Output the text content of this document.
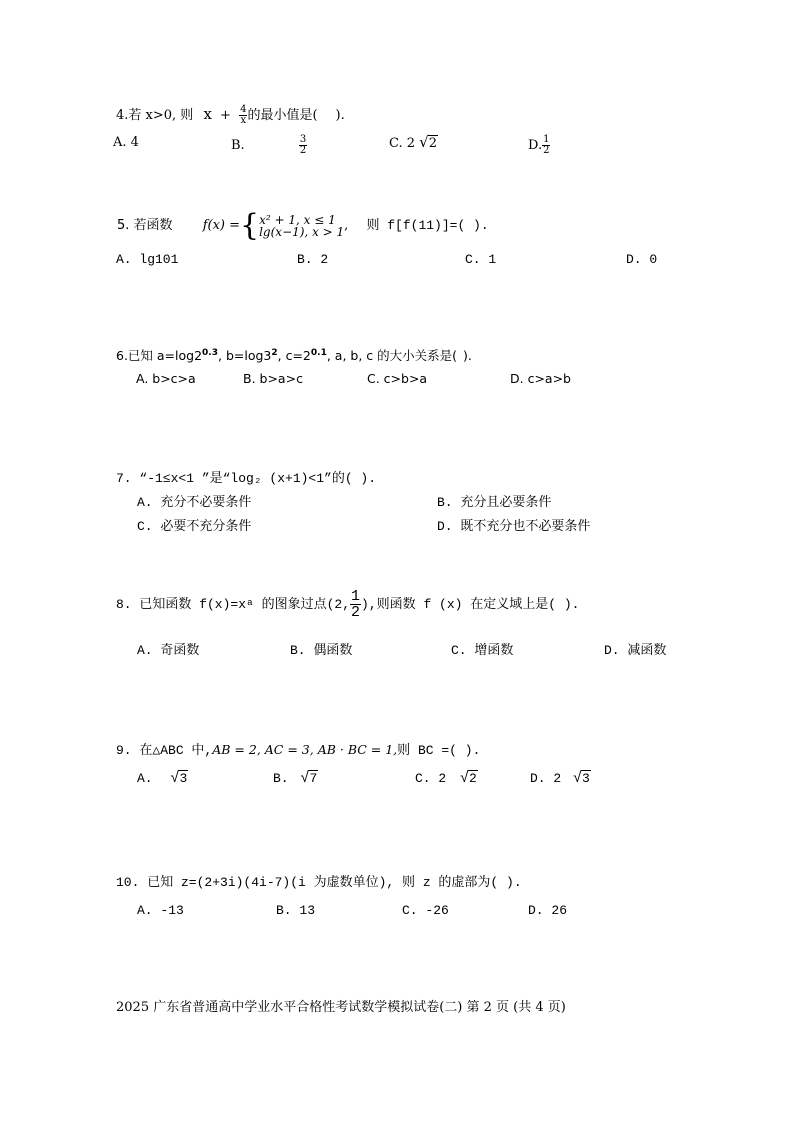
4.若 x>0, 则 $x + \frac{4}{x}$ 的最小值是( ).
A. 4	B.	$\frac{3}{2}$	C. 2 √2	D. $\frac{1}{2}$
5. 若函数 f(x) ={ x² + 1, x ≤ 1
lg(x−1), x > 1 , 则 f[f(11)]=( ).
A. lg101	B. 2	C. 1	D. 0
6.已知 $a=\log 2^{0.3}$, $b=\log 3^2$, $c=2^{0.1}$, a, b, c 的大小关系是( ).
A. b>c>a	B. b>a>c	C. c>b>a	D. c>a>b
7. “-1≤x<1 ”是“log₂ (x+1)<1”的( ).
A. 充分不必要条件	B. 充分且必要条件
C. 必要不充分条件	D. 既不充分也不必要条件
8. 已知函数 f(x)=xᵃ 的图象过点(2, $\frac{1}{2}$ ),则函数 f (x) 在定义域上是( ).
A. 奇函数	B. 偶函数	C. 增函数	D. 减函数
9. 在△ABC 中,AB = 2, AC = 3, AB · BC = 1,则 BC =( ).
A. √3	B. √7	C. 2 √2	D. 2 √3
10. 已知 z=(2+3i)(4i-7)(i 为虚数单位), 则 z 的虚部为( ).
A. -13	B. 13	C. -26	D. 26
2025 广东省普通高中学业水平合格性考试数学模拟试卷(二) 第 2 页 (共 4 页)
